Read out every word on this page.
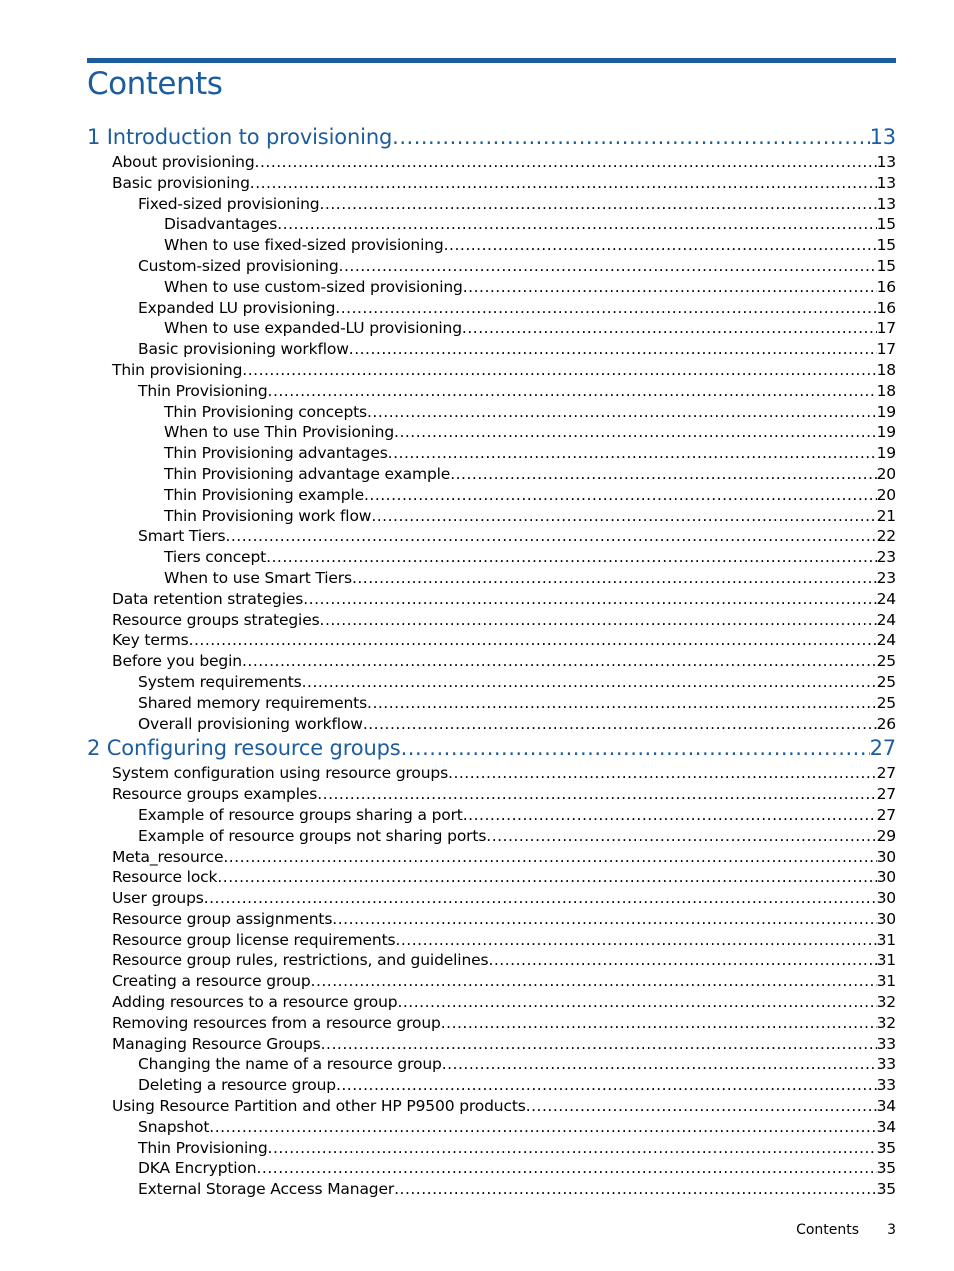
Contents
1 Introduction to provisioning .....	13
About provisioning .....	13
Basic provisioning .....	13
Fixed-sized provisioning .....	13
Disadvantages .....	15
When to use fixed-sized provisioning .....	15
Custom-sized provisioning .....	15
When to use custom-sized provisioning .....	16
Expanded LU provisioning .....	16
When to use expanded-LU provisioning .....	17
Basic provisioning workflow .....	17
Thin provisioning .....	18
Thin Provisioning .....	18
Thin Provisioning concepts .....	19
When to use Thin Provisioning .....	19
Thin Provisioning advantages .....	19
Thin Provisioning advantage example .....	20
Thin Provisioning example .....	20
Thin Provisioning work flow .....	21
Smart Tiers .....	22
Tiers concept .....	23
When to use Smart Tiers .....	23
Data retention strategies .....	24
Resource groups strategies .....	24
Key terms .....	24
Before you begin .....	25
System requirements .....	25
Shared memory requirements .....	25
Overall provisioning workflow .....	26
2 Configuring resource groups .....	27
System configuration using resource groups .....	27
Resource groups examples .....	27
Example of resource groups sharing a port .....	27
Example of resource groups not sharing ports .....	29
Meta_resource .....	30
Resource lock .....	30
User groups .....	30
Resource group assignments .....	30
Resource group license requirements .....	31
Resource group rules, restrictions, and guidelines .....	31
Creating a resource group .....	31
Adding resources to a resource group .....	32
Removing resources from a resource group .....	32
Managing Resource Groups .....	33
Changing the name of a resource group .....	33
Deleting a resource group .....	33
Using Resource Partition and other HP P9500 products .....	34
Snapshot .....	34
Thin Provisioning .....	35
DKA Encryption .....	35
External Storage Access Manager .....	35
Contents 3
